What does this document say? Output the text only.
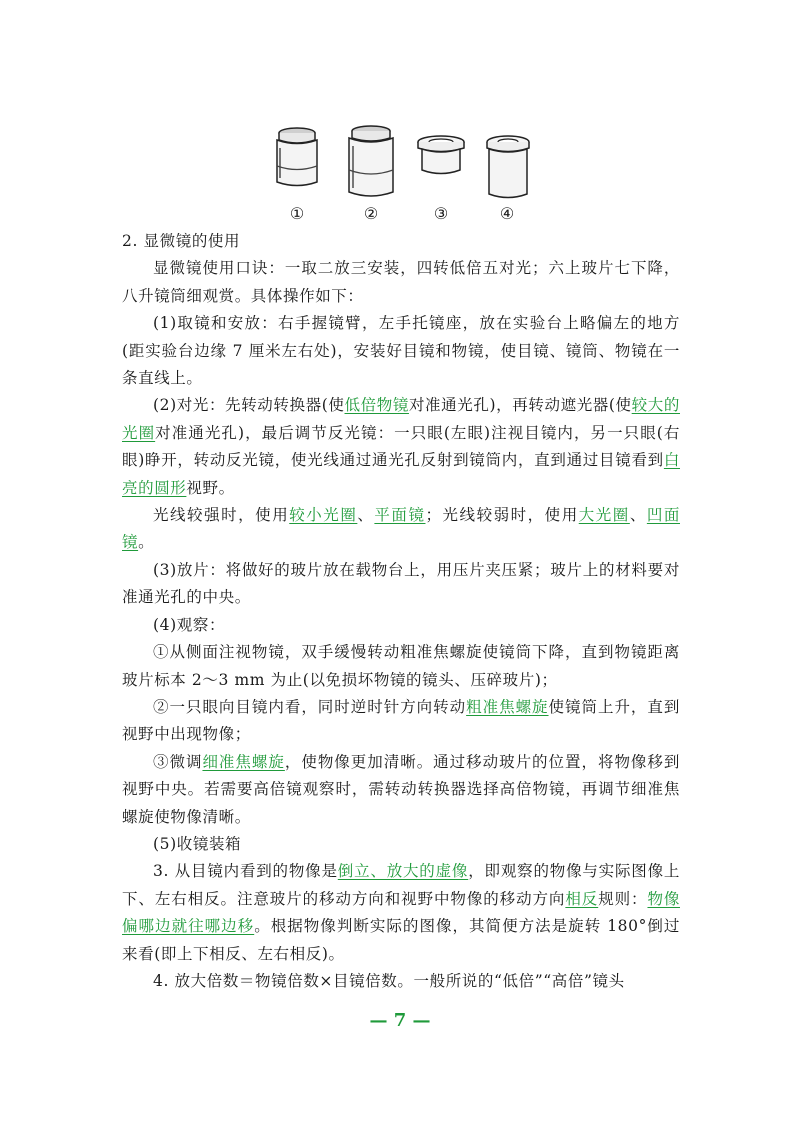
①	②	③	④

2. 显微镜的使用

显微镜使用口诀：一取二放三安装，四转低倍五对光；六上玻片七下降，八升镜筒细观赏。具体操作如下：

(1)取镜和安放：右手握镜臂，左手托镜座，放在实验台上略偏左的地方(距实验台边缘 7 厘米左右处)，安装好目镜和物镜，使目镜、镜筒、物镜在一条直线上。

(2)对光：先转动转换器(使低倍物镜对准通光孔)，再转动遮光器(使较大的光圈对准通光孔)，最后调节反光镜：一只眼(左眼)注视目镜内，另一只眼(右眼)睁开，转动反光镜，使光线通过通光孔反射到镜筒内，直到通过目镜看到白亮的圆形视野。

光线较强时，使用较小光圈、平面镜；光线较弱时，使用大光圈、凹面镜。

(3)放片：将做好的玻片放在载物台上，用压片夹压紧；玻片上的材料要对准通光孔的中央。

(4)观察：

①从侧面注视物镜，双手缓慢转动粗准焦螺旋使镜筒下降，直到物镜距离玻片标本 2～3 mm 为止(以免损坏物镜的镜头、压碎玻片)；

②一只眼向目镜内看，同时逆时针方向转动粗准焦螺旋使镜筒上升，直到视野中出现物像；

③微调细准焦螺旋，使物像更加清晰。通过移动玻片的位置，将物像移到视野中央。若需要高倍镜观察时，需转动转换器选择高倍物镜，再调节细准焦螺旋使物像清晰。

(5)收镜装箱

3. 从目镜内看到的物像是倒立、放大的虚像，即观察的物像与实际图像上下、左右相反。注意玻片的移动方向和视野中物像的移动方向相反规则：物像偏哪边就往哪边移。根据物像判断实际的图像，其简便方法是旋转 180°倒过来看(即上下相反、左右相反)。

4. 放大倍数＝物镜倍数×目镜倍数。一般所说的“低倍”“高倍”镜头

— 7 —
